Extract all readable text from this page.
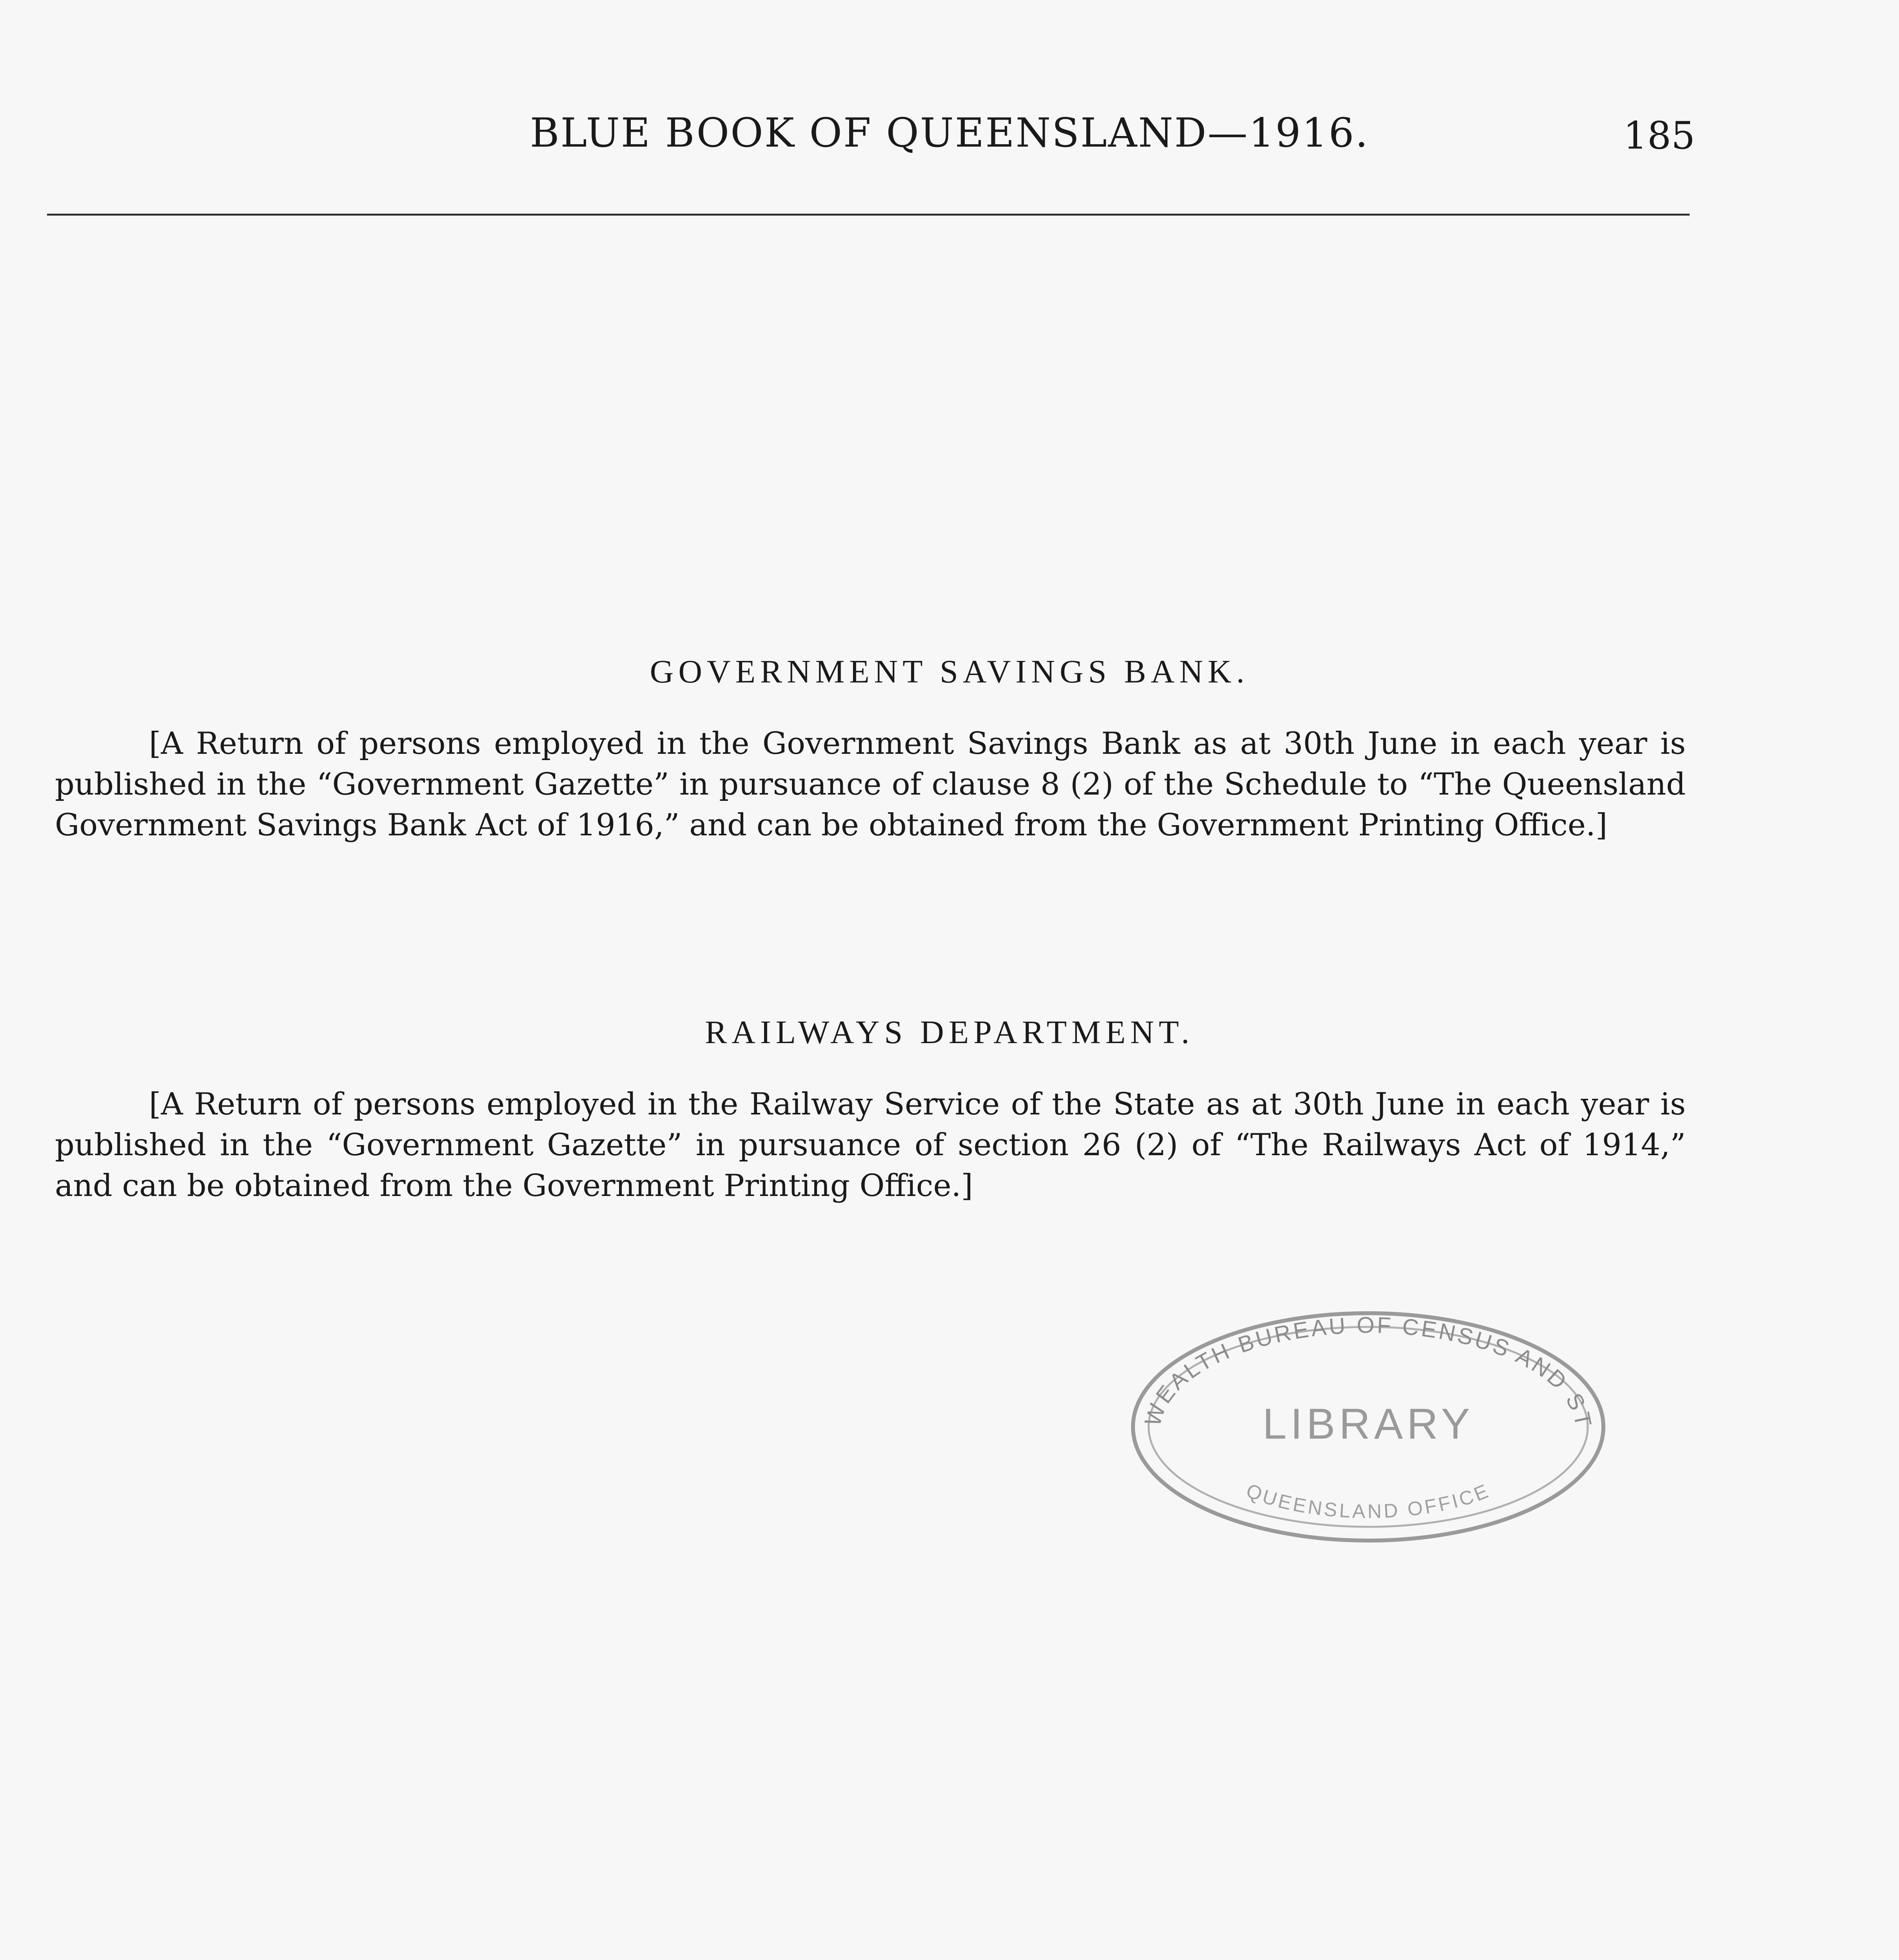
BLUE BOOK OF QUEENSLAND—1916.	185
GOVERNMENT SAVINGS BANK.
[A Return of persons employed in the Government Savings Bank as at 30th June in each year is published in the “Government Gazette” in pursuance of clause 8 (2) of the Schedule to “The Queensland Government Savings Bank Act of 1916,” and can be obtained from the Government Printing Office.]
RAILWAYS DEPARTMENT.
[A Return of persons employed in the Railway Service of the State as at 30th June in each year is published in the “Government Gazette” in pursuance of section 26 (2) of “The Railways Act of 1914,” and can be obtained from the Government Printing Office.]
WEALTH BUREAU OF CENSUS AND ST
LIBRARY
QUEENSLAND OFFICE
